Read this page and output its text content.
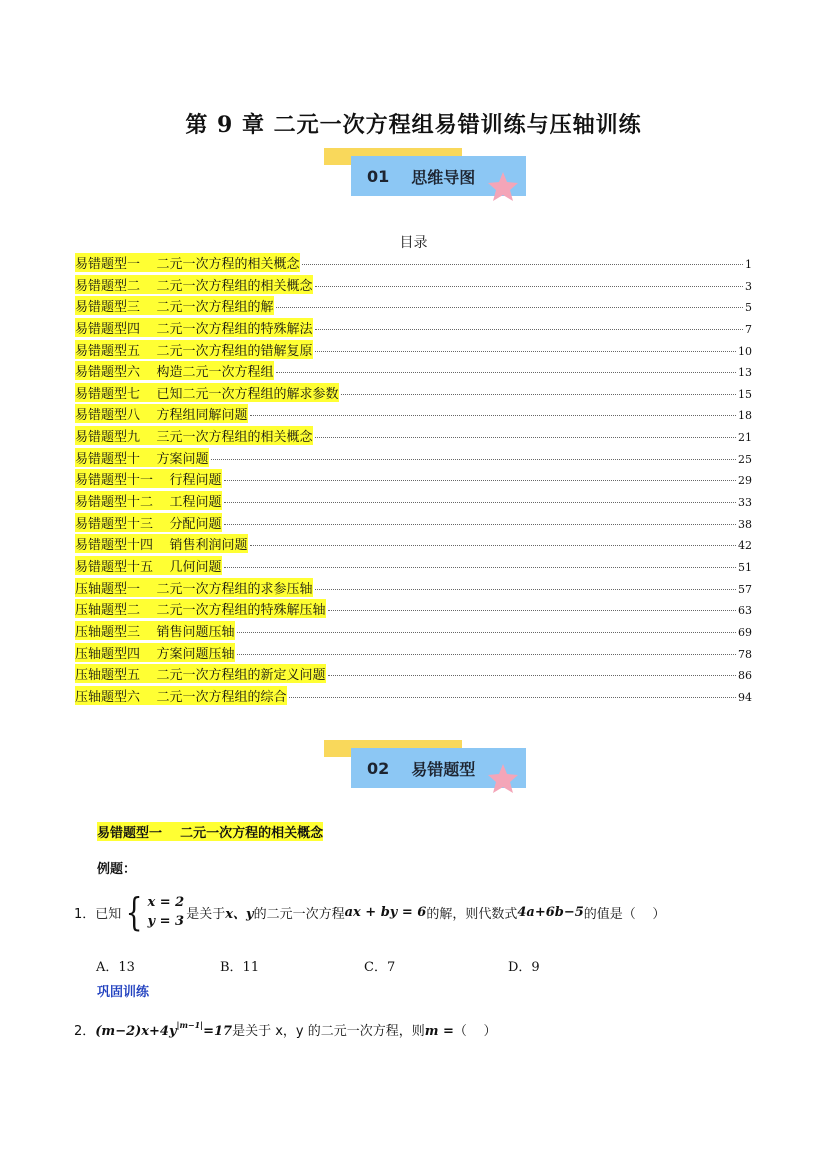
第 9 章 二元一次方程组易错训练与压轴训练
01 思维导图
目录
易错题型一    二元一次方程的相关概念	1
易错题型二    二元一次方程组的相关概念	3
易错题型三    二元一次方程组的解	5
易错题型四    二元一次方程组的特殊解法	7
易错题型五    二元一次方程组的错解复原	10
易错题型六    构造二元一次方程组	13
易错题型七    已知二元一次方程组的解求参数	15
易错题型八    方程组同解问题	18
易错题型九    三元一次方程组的相关概念	21
易错题型十    方案问题	25
易错题型十一    行程问题	29
易错题型十二    工程问题	33
易错题型十三    分配问题	38
易错题型十四    销售利润问题	42
易错题型十五    几何问题	51
压轴题型一    二元一次方程组的求参压轴	57
压轴题型二    二元一次方程组的特殊解压轴	63
压轴题型三    销售问题压轴	69
压轴题型四    方案问题压轴	78
压轴题型五    二元一次方程组的新定义问题	86
压轴题型六    二元一次方程组的综合	94
02 易错题型
易错题型一    二元一次方程的相关概念
例题：
1． 已知 { x = 2
y = 3 是关于 x、y 的二元一次方程 ax + by = 6 的解，则代数式 4a+6b−5 的值是（    ）
A．13	B．11	C．7	D．9
巩固训练
2． (m−2)x+4y |m−1| =17 是关于 x，y 的二元一次方程，则 m = （    ）
